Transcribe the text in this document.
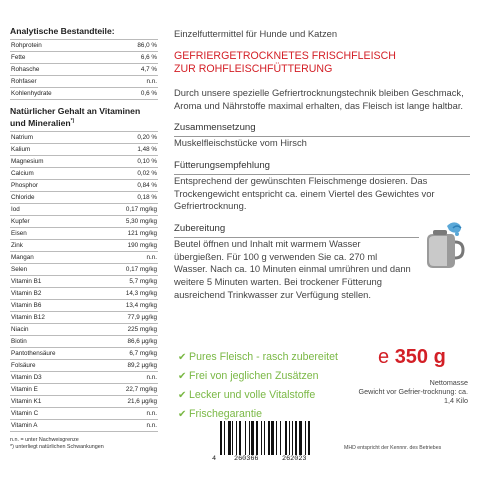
Analytische Bestandteile:
Rohprotein	86,0 %
Fette	6,6 %
Rohasche	4,7 %
Rohfaser	n.n.
Kohlenhydrate	0,6 %
Natürlicher Gehalt an Vitaminen und Mineralien*)
Natrium	0,20 %
Kalium	1,48 %
Magnesium	0,10 %
Calcium	0,02 %
Phosphor	0,84 %
Chloride	0,18 %
Iod	0,17 mg/kg
Kupfer	5,30 mg/kg
Eisen	121 mg/kg
Zink	190 mg/kg
Mangan	n.n.
Selen	0,17 mg/kg
Vitamin B1	5,7 mg/kg
Vitamin B2	14,3 mg/kg
Vitamin B6	13,4 mg/kg
Vitamin B12	77,9 µg/kg
Niacin	225 mg/kg
Biotin	86,6 µg/kg
Pantothensäure	6,7 mg/kg
Folsäure	89,2 µg/kg
Vitamin D3	n.n.
Vitamin E	22,7 mg/kg
Vitamin K1	21,6 µg/kg
Vitamin C	n.n.
Vitamin A	n.n.
n.n. = unter Nachweisgrenze
*) unterliegt natürlichen Schwankungen
Einzelfuttermittel für Hunde und Katzen
GEFRIERGETROCKNETES FRISCHFLEISCH
ZUR ROHFLEISCHFÜTTERUNG

Durch unsere spezielle Gefriertrocknungstechnik bleiben Geschmack, Aroma und Nährstoffe maximal erhalten, das Fleisch ist lange haltbar.

Zusammensetzung

Muskelfleischstücke vom Hirsch

Fütterungsempfehlung

Entsprechend der gewünschten Fleischmenge dosieren. Das Trockengewicht entspricht ca. einem Viertel des Gewichtes vor Gefriertrocknung.

Zubereitung

Beutel öffnen und Inhalt mit warmem Wasser übergießen. Für 100 g verwenden Sie ca. 270 ml Wasser. Nach ca. 10 Minuten einmal umrühren und dann weitere 5 Minuten warten. Bei trockener Fütterung ausreichend Trinkwasser zur Verfügung stellen.

✔ Pures Fleisch - rasch zubereitet
✔ Frei von jeglichen Zusätzen
✔ Lecker und volle Vitalstoffe
✔ Frischegarantie
e 350 g
Nettomasse
Gewicht vor Gefrier-trocknung: ca. 1,4 Kilo
4	260366	262023
MHD entspricht der Kennnr. des Betriebes
